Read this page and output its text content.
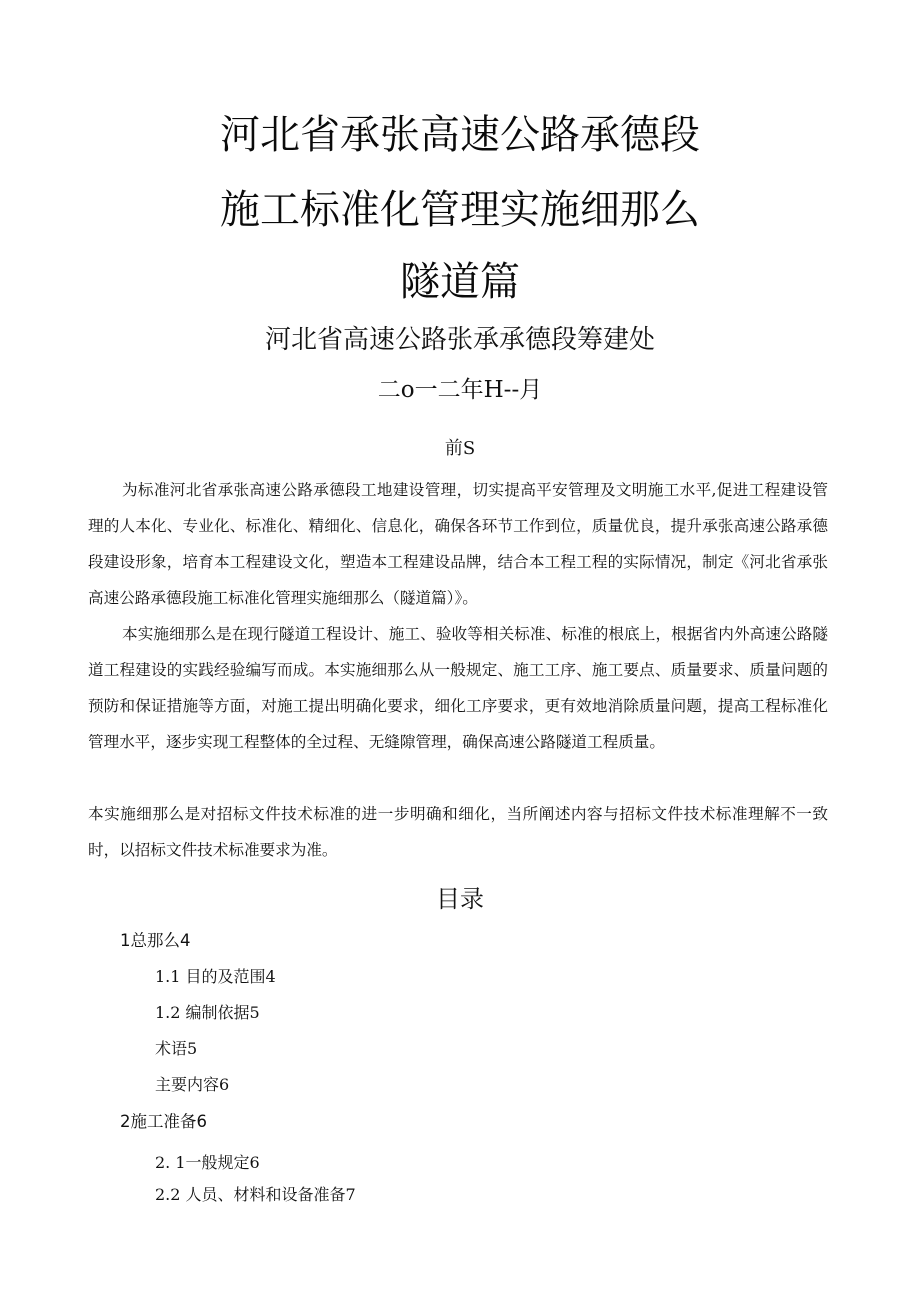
河北省承张高速公路承德段
施工标准化管理实施细那么
隧道篇
河北省高速公路张承承德段筹建处
二o一二年H--月
前S
为标准河北省承张高速公路承德段工地建设管理，切实提高平安管理及文明施工水平,促进工程建设管理的人本化、专业化、标准化、精细化、信息化，确保各环节工作到位，质量优良，提升承张高速公路承德段建设形象，培育本工程建设文化，塑造本工程建设品牌，结合本工程工程的实际情况，制定《河北省承张高速公路承德段施工标准化管理实施细那么（隧道篇）》。
本实施细那么是在现行隧道工程设计、施工、验收等相关标准、标准的根底上，根据省内外高速公路隧道工程建设的实践经验编写而成。本实施细那么从一般规定、施工工序、施工要点、质量要求、质量问题的预防和保证措施等方面，对施工提出明确化要求，细化工序要求，更有效地消除质量问题，提高工程标准化管理水平，逐步实现工程整体的全过程、无缝隙管理，确保高速公路隧道工程质量。
本实施细那么是对招标文件技术标准的进一步明确和细化，当所阐述内容与招标文件技术标准理解不一致时，以招标文件技术标准要求为准。
目录
1总那么4
1.1 目的及范围4
1.2 编制依据5
术语5
主要内容6
2施工准备6
2. 1一般规定6
2.2 人员、材料和设备准备7
